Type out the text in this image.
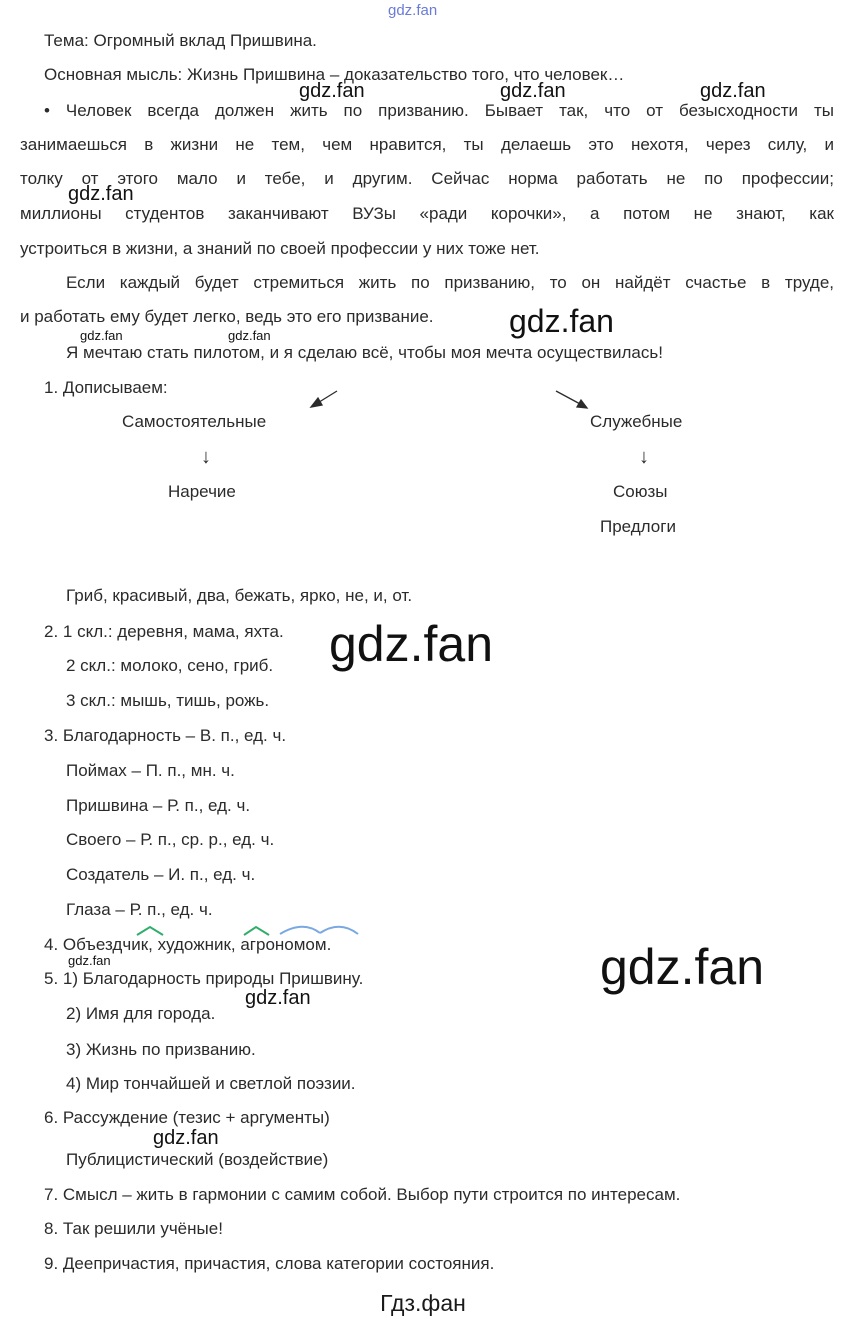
gdz.fan
Тема: Огромный вклад Пришвина.
Основная мысль: Жизнь Пришвина – доказательство того, что человек…
• Человек всегда должен жить по призванию. Бывает так, что от безысходности ты
занимаешься в жизни не тем, чем нравится, ты делаешь это нехотя, через силу, и
толку от этого мало и тебе, и другим. Сейчас норма работать не по профессии;
миллионы студентов заканчивают ВУЗы «ради корочки», а потом не знают, как
устроиться в жизни, а знаний по своей профессии у них тоже нет.
Если каждый будет стремиться жить по призванию, то он найдёт счастье в труде,
и работать ему будет легко, ведь это его призвание.
Я мечтаю стать пилотом, и я сделаю всё, чтобы моя мечта осуществилась!
1. Дописываем:
Самостоятельные	Служебные
↓	↓
Наречие	Союзы
Предлоги
Гриб, красивый, два, бежать, ярко, не, и, от.
2. 1 скл.: деревня, мама, яхта.
2 скл.: молоко, сено, гриб.
3 скл.: мышь, тишь, рожь.
3. Благодарность – В. п., ед. ч.
Поймах – П. п., мн. ч.
Пришвина – Р. п., ед. ч.
Своего – Р. п., ср. р., ед. ч.
Создатель – И. п., ед. ч.
Глаза – Р. п., ед. ч.
4. Объездчик, художник, агрономом.
5. 1) Благодарность природы Пришвину.
2) Имя для города.
3) Жизнь по призванию.
4) Мир тончайшей и светлой поэзии.
6. Рассуждение (тезис + аргументы)
Публицистический (воздействие)
7. Смысл – жить в гармонии с самим собой. Выбор пути строится по интересам.
8. Так решили учёные!
9. Деепричастия, причастия, слова категории состояния.
gdz.fan	gdz.fan	gdz.fan
gdz.fan
gdz.fan
gdz.fan	gdz.fan
gdz.fan
gdz.fan
gdz.fan
gdz.fan
gdz.fan
Гдз.фан
